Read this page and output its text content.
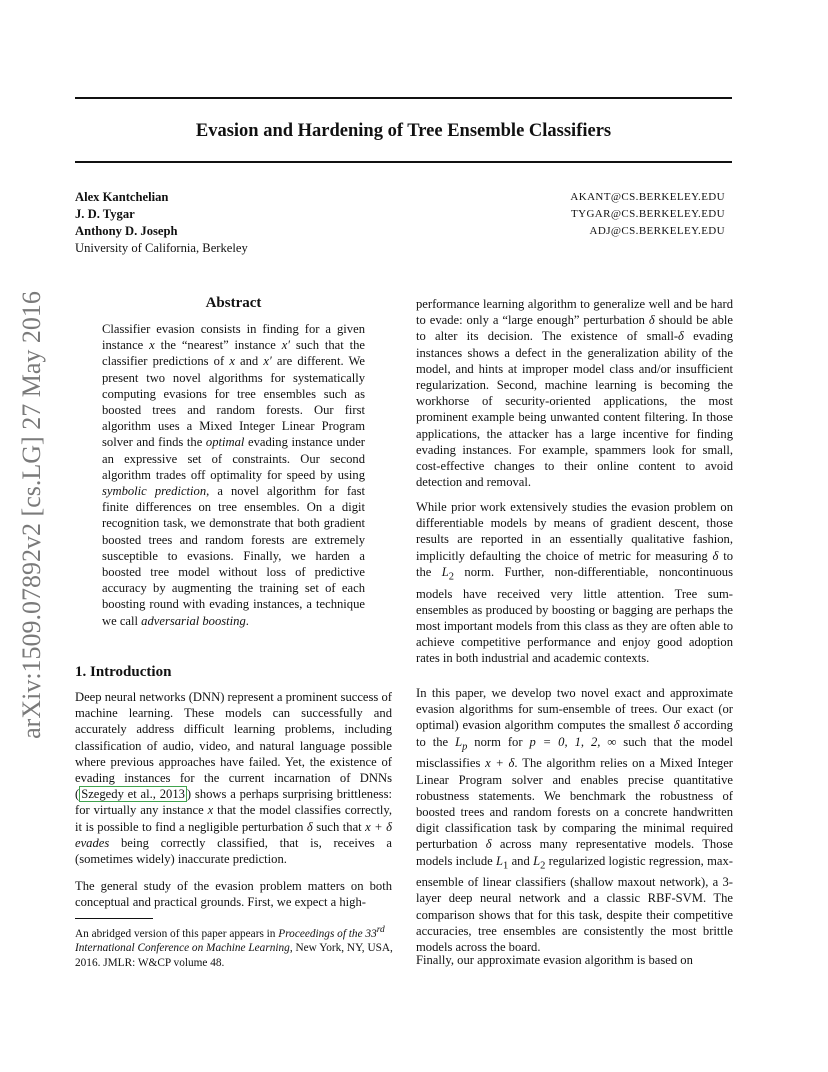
Evasion and Hardening of Tree Ensemble Classifiers
Alex Kantchelian
J. D. Tygar
Anthony D. Joseph
University of California, Berkeley
AKANT@CS.BERKELEY.EDU
TYGAR@CS.BERKELEY.EDU
ADJ@CS.BERKELEY.EDU
arXiv:1509.07892v2 [cs.LG] 27 May 2016	Abstract
Classifier evasion consists in finding for a given instance x the “nearest” instance x′ such that the classifier predictions of x and x′ are different. We present two novel algorithms for systematically computing evasions for tree ensembles such as boosted trees and random forests. Our first algorithm uses a Mixed Integer Linear Program solver and finds the optimal evading instance under an expressive set of constraints. Our second algorithm trades off optimality for speed by using symbolic prediction, a novel algorithm for fast finite differences on tree ensembles. On a digit recognition task, we demonstrate that both gradient boosted trees and random forests are extremely susceptible to evasions. Finally, we harden a boosted tree model without loss of predictive accuracy by augmenting the training set of each boosting round with evading instances, a technique we call adversarial boosting.
1. Introduction

Deep neural networks (DNN) represent a prominent success of machine learning. These models can successfully and accurately address difficult learning problems, including classification of audio, video, and natural language possible where previous approaches have failed. Yet, the existence of evading instances for the current incarnation of DNNs ( Szegedy et al., 2013 ) shows a perhaps surprising brittleness: for virtually any instance x that the model classifies correctly, it is possible to find a negligible perturbation δ such that x + δ evades being correctly classified, that is, receives a (sometimes widely) inaccurate prediction.

The general study of the evasion problem matters on both conceptual and practical grounds. First, we expect a high-

An abridged version of this paper appears in Proceedings of the 33rd International Conference on Machine Learning, New York, NY, USA, 2016. JMLR: W&CP volume 48.

performance learning algorithm to generalize well and be hard to evade: only a “large enough” perturbation δ should be able to alter its decision. The existence of small-δ evading instances shows a defect in the generalization ability of the model, and hints at improper model class and/or insufficient regularization. Second, machine learning is becoming the workhorse of security-oriented applications, the most prominent example being unwanted content filtering. In those applications, the attacker has a large incentive for finding evading instances. For example, spammers look for small, cost-effective changes to their online content to avoid detection and removal.

While prior work extensively studies the evasion problem on differentiable models by means of gradient descent, those results are reported in an essentially qualitative fashion, implicitly defaulting the choice of metric for measuring δ to the $L_2$ norm. Further, non-differentiable, noncontinuous models have received very little attention. Tree sum-ensembles as produced by boosting or bagging are perhaps the most important models from this class as they are often able to achieve competitive performance and enjoy good adoption rates in both industrial and academic contexts.

In this paper, we develop two novel exact and approximate evasion algorithms for sum-ensemble of trees. Our exact (or optimal) evasion algorithm computes the smallest δ according to the $L_p$ norm for p = 0, 1, 2, ∞ such that the model misclassifies x + δ. The algorithm relies on a Mixed Integer Linear Program solver and enables precise quantitative robustness statements. We benchmark the robustness of boosted trees and random forests on a concrete handwritten digit classification task by comparing the minimal required perturbation δ across many representative models. Those models include $L_1$ and $L_2$ regularized logistic regression, max-ensemble of linear classifiers (shallow maxout network), a 3-layer deep neural network and a classic RBF-SVM. The comparison shows that for this task, despite their competitive accuracies, tree ensembles are consistently the most brittle models across the board.

Finally, our approximate evasion algorithm is based on
